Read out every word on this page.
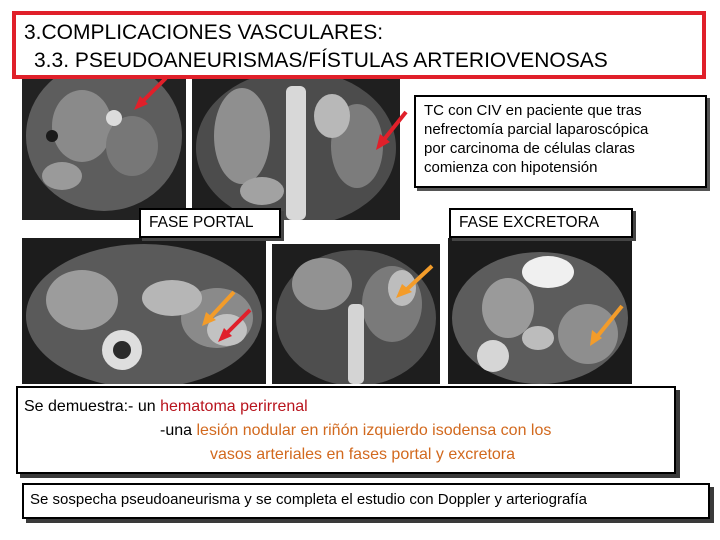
3.COMPLICACIONES VASCULARES:
3.3. PSEUDOANEURISMAS/FÍSTULAS ARTERIOVENOSAS
TC con CIV en paciente que tras
nefrectomía parcial laparoscópica
por carcinoma de células claras
comienza con hipotensión
FASE PORTAL	FASE EXCRETORA
Se demuestra:- un hematoma perirrenal
-una lesión nodular en riñón izquierdo isodensa con los
vasos arteriales en fases portal y excretora
Se sospecha pseudoaneurisma y se completa el estudio con Doppler y arteriografía
